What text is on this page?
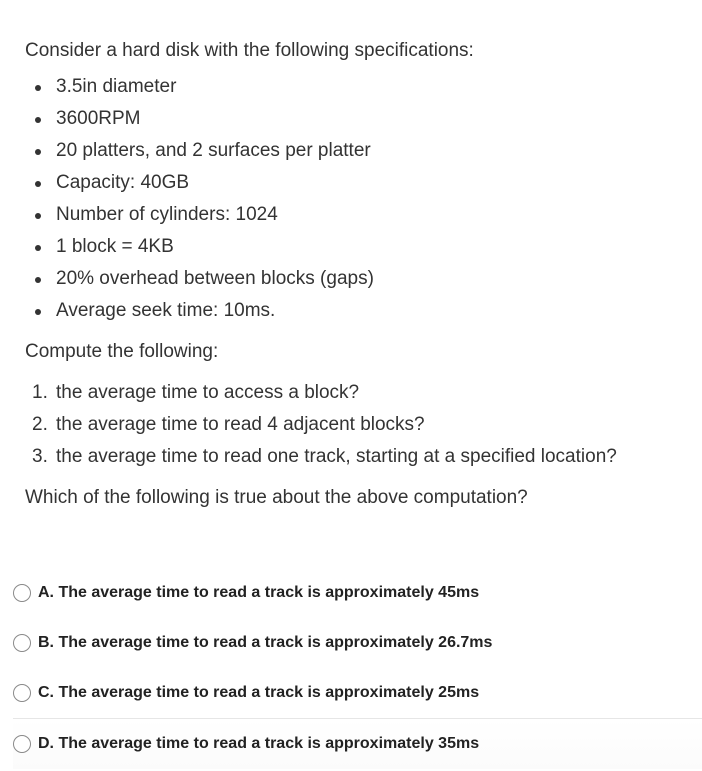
Consider a hard disk with the following specifications:

3.5in diameter
3600RPM
20 platters, and 2 surfaces per platter
Capacity: 40GB
Number of cylinders: 1024
1 block = 4KB
20% overhead between blocks (gaps)
Average seek time: 10ms.

Compute the following:

1. the average time to access a block?
2. the average time to read 4 adjacent blocks?
3. the average time to read one track, starting at a specified location?

Which of the following is true about the above computation?

A. The average time to read a track is approximately 45ms
B. The average time to read a track is approximately 26.7ms
C. The average time to read a track is approximately 25ms
D. The average time to read a track is approximately 35ms
